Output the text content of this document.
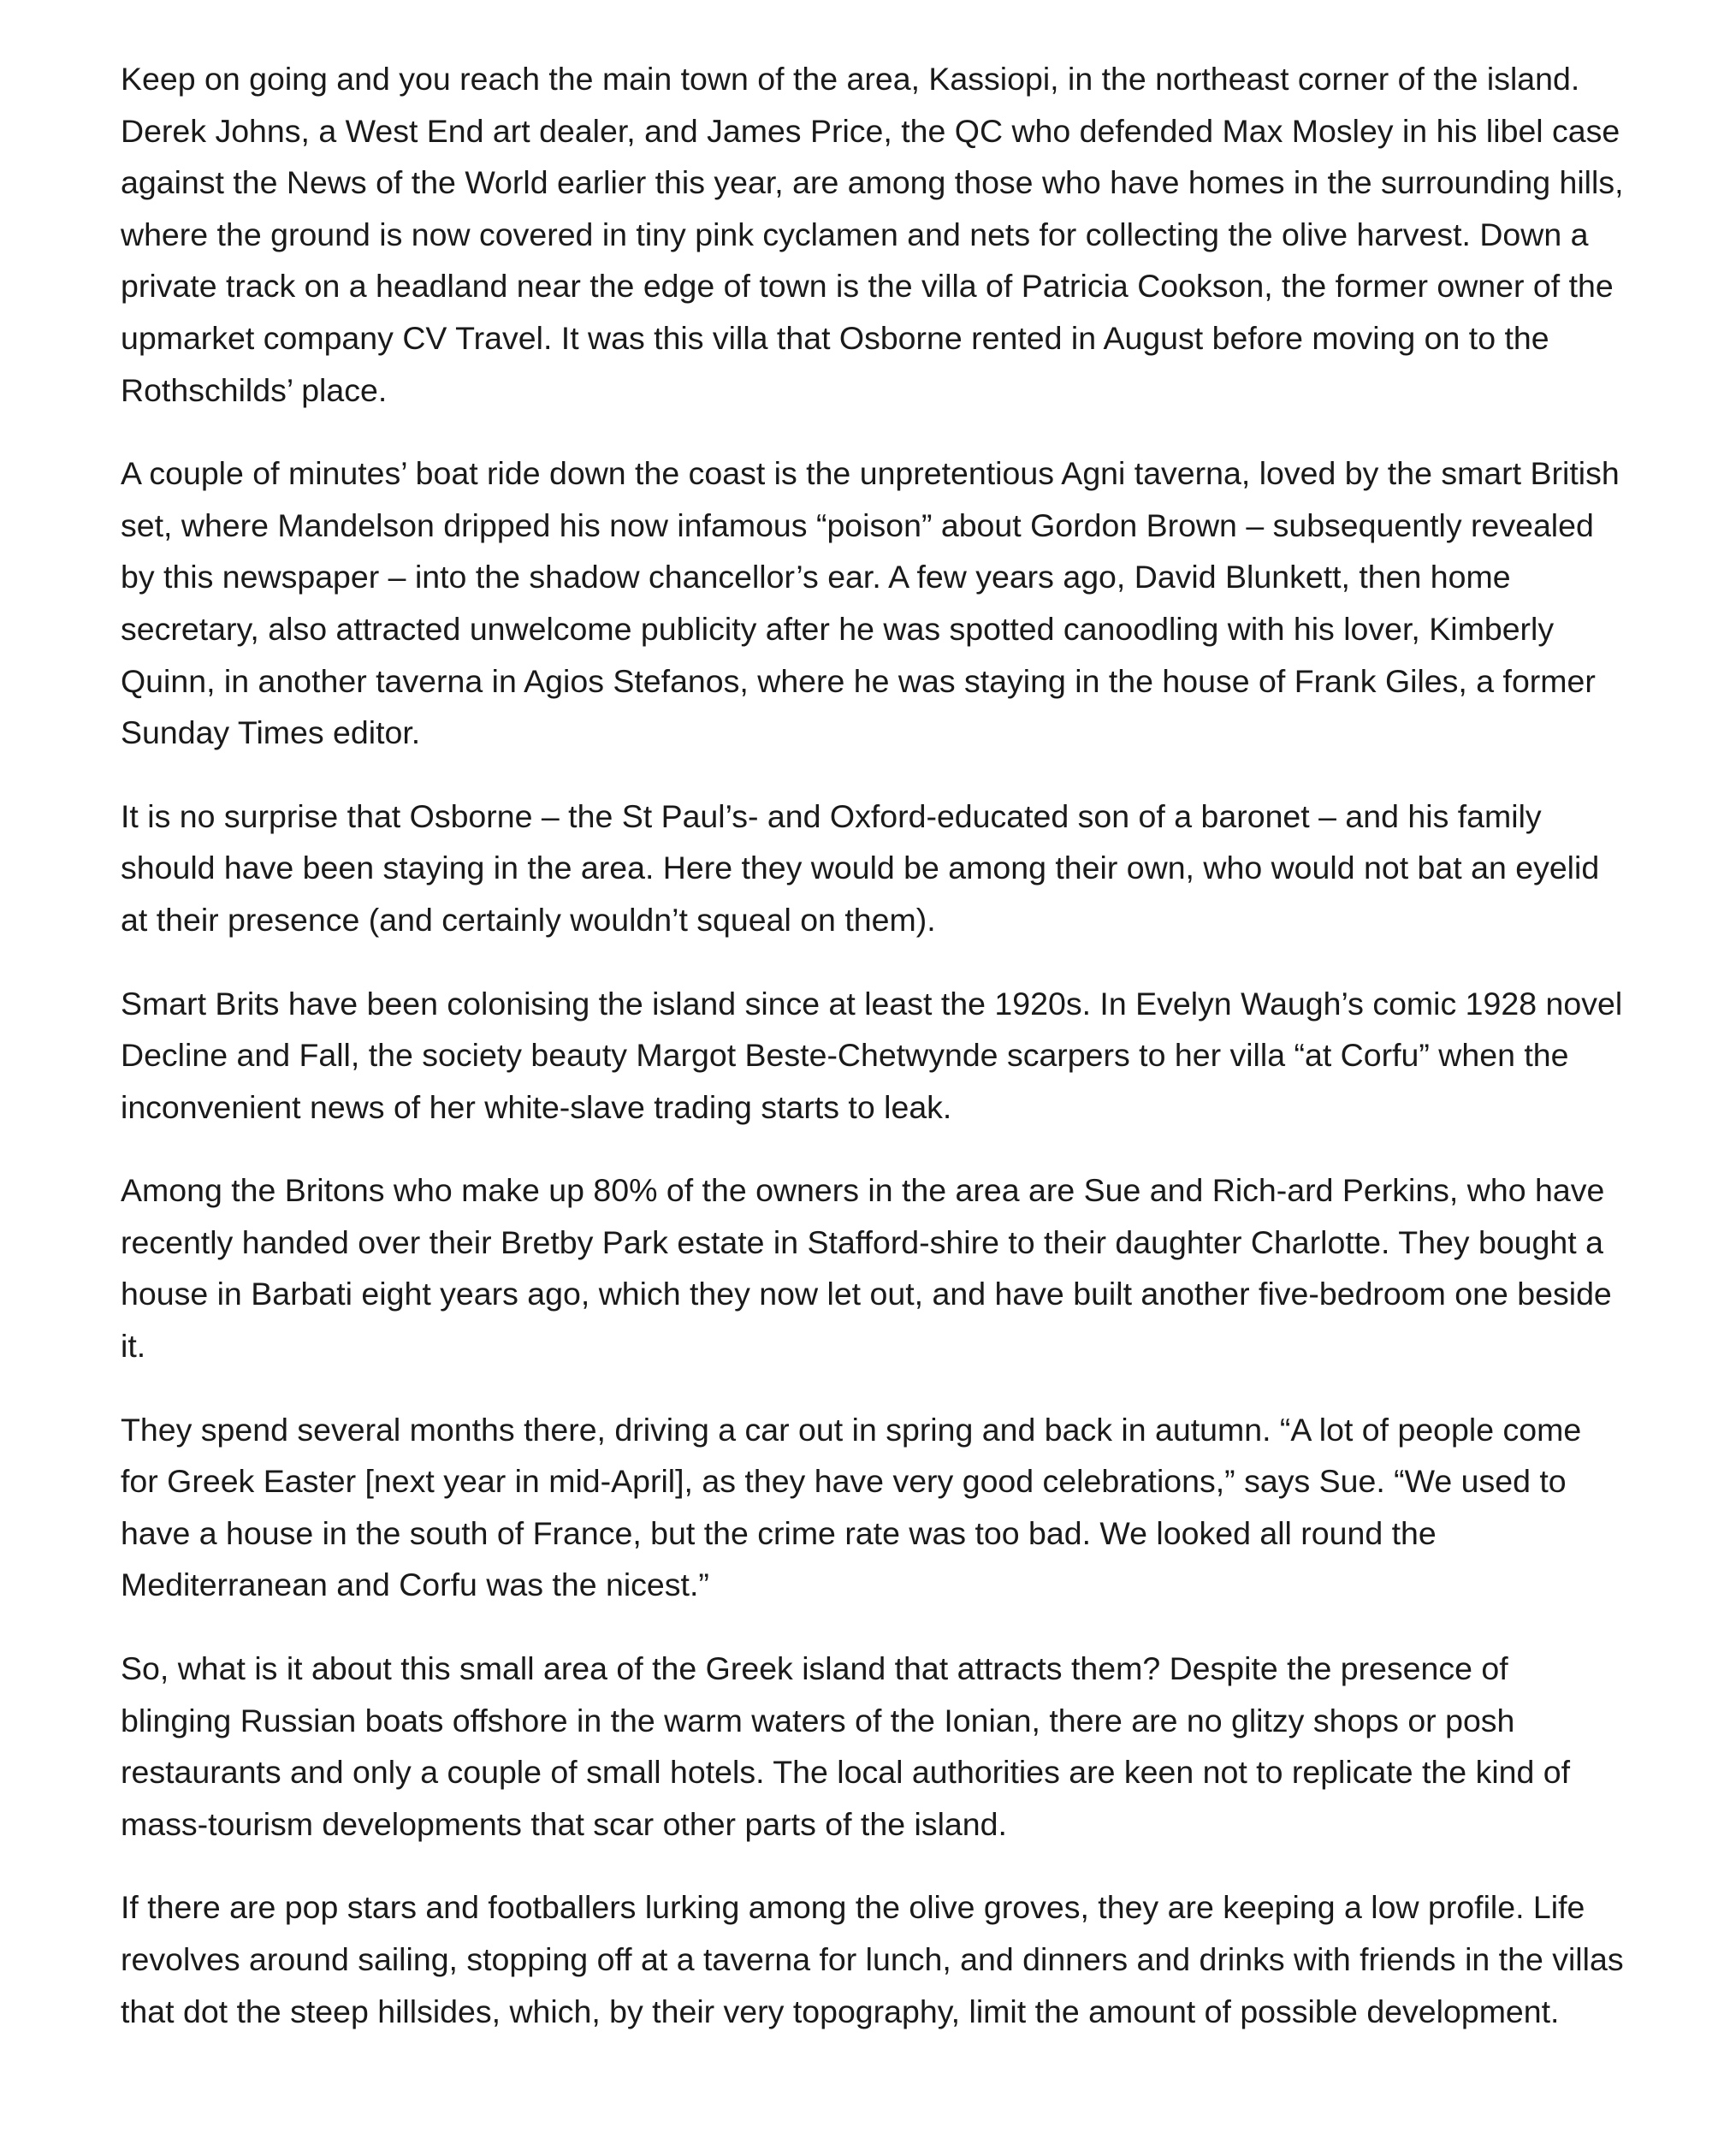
Keep on going and you reach the main town of the area, Kassiopi, in the northeast corner of the island. Derek Johns, a West End art dealer, and James Price, the QC who defended Max Mosley in his libel case against the News of the World earlier this year, are among those who have homes in the surrounding hills, where the ground is now covered in tiny pink cyclamen and nets for collecting the olive harvest. Down a private track on a headland near the edge of town is the villa of Patricia Cookson, the former owner of the upmarket company CV Travel. It was this villa that Osborne rented in August before moving on to the Rothschilds’ place.

A couple of minutes’ boat ride down the coast is the unpretentious Agni taverna, loved by the smart British set, where Mandelson dripped his now infamous “poison” about Gordon Brown – subsequently revealed by this newspaper – into the shadow chancellor’s ear. A few years ago, David Blunkett, then home secretary, also attracted unwelcome publicity after he was spotted canoodling with his lover, Kimberly Quinn, in another taverna in Agios Stefanos, where he was staying in the house of Frank Giles, a former Sunday Times editor.

It is no surprise that Osborne – the St Paul’s- and Oxford-educated son of a baronet – and his family should have been staying in the area. Here they would be among their own, who would not bat an eyelid at their presence (and certainly wouldn’t squeal on them).

Smart Brits have been colonising the island since at least the 1920s. In Evelyn Waugh’s comic 1928 novel Decline and Fall, the society beauty Margot Beste-Chetwynde scarpers to her villa “at Corfu” when the inconvenient news of her white-slave trading starts to leak.

Among the Britons who make up 80% of the owners in the area are Sue and Rich-ard Perkins, who have recently handed over their Bretby Park estate in Stafford-shire to their daughter Charlotte. They bought a house in Barbati eight years ago, which they now let out, and have built another five-bedroom one beside it.

They spend several months there, driving a car out in spring and back in autumn. “A lot of people come for Greek Easter [next year in mid-April], as they have very good celebrations,” says Sue. “We used to have a house in the south of France, but the crime rate was too bad. We looked all round the Mediterranean and Corfu was the nicest.”

So, what is it about this small area of the Greek island that attracts them? Despite the presence of blinging Russian boats offshore in the warm waters of the Ionian, there are no glitzy shops or posh restaurants and only a couple of small hotels. The local authorities are keen not to replicate the kind of mass-tourism developments that scar other parts of the island.

If there are pop stars and footballers lurking among the olive groves, they are keeping a low profile. Life revolves around sailing, stopping off at a taverna for lunch, and dinners and drinks with friends in the villas that dot the steep hillsides, which, by their very topography, limit the amount of possible development.
